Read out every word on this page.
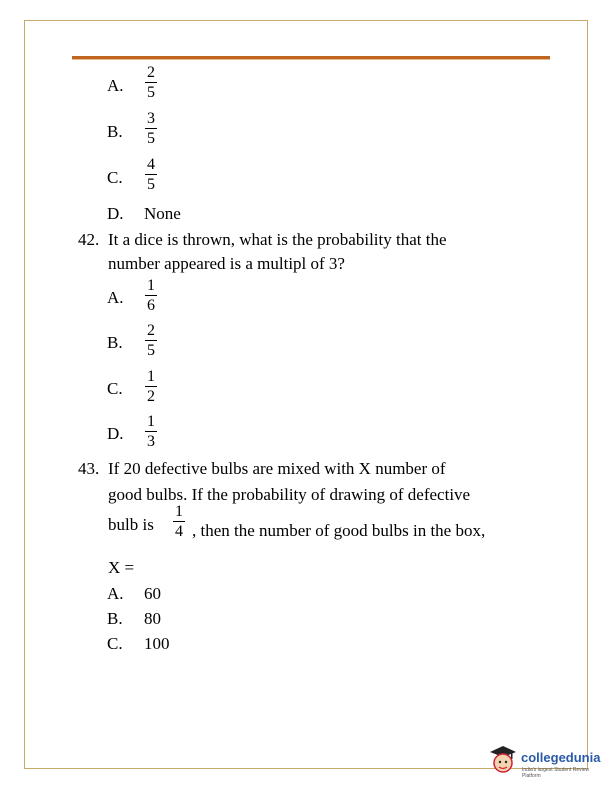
A.
2
5
B.
3
5
C.
4
5
D. None
42. It a dice is thrown, what is the probability that the
number appeared is a multipl of 3?
A.
1
6
B.
2
5
C.
1
2
D.
1
3
43. If 20 defective bulbs are mixed with X number of
good bulbs. If the probability of drawing of defective
bulb is
1
4 , then the number of good bulbs in the box,
X =
A. 60
B. 80
C. 100
collegedunia
India's largest Student Review Platform
